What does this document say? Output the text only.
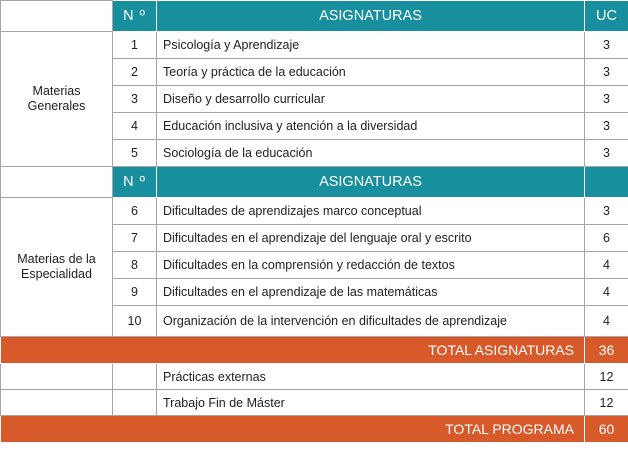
	N º	ASIGNATURAS	UC
Materias Generales	1	Psicología y Aprendizaje	3
	2	Teoría y práctica de la educación	3
	3	Diseño y desarrollo curricular	3
	4	Educación inclusiva y atención a la diversidad	3
	5	Sociología de la educación	3
	N º	ASIGNATURAS	
Materias de la Especialidad	6	Dificultades de aprendizajes marco conceptual	3
	7	Dificultades en el aprendizaje del lenguaje oral y escrito	6
	8	Dificultades en la comprensión y redacción de textos	4
	9	Dificultades en el aprendizaje de las matemáticas	4
	10	Organización de la intervención en dificultades de aprendizaje	4
TOTAL ASIGNATURAS			36
		Prácticas externas	12
		Trabajo Fin de Máster	12
TOTAL PROGRAMA			60
